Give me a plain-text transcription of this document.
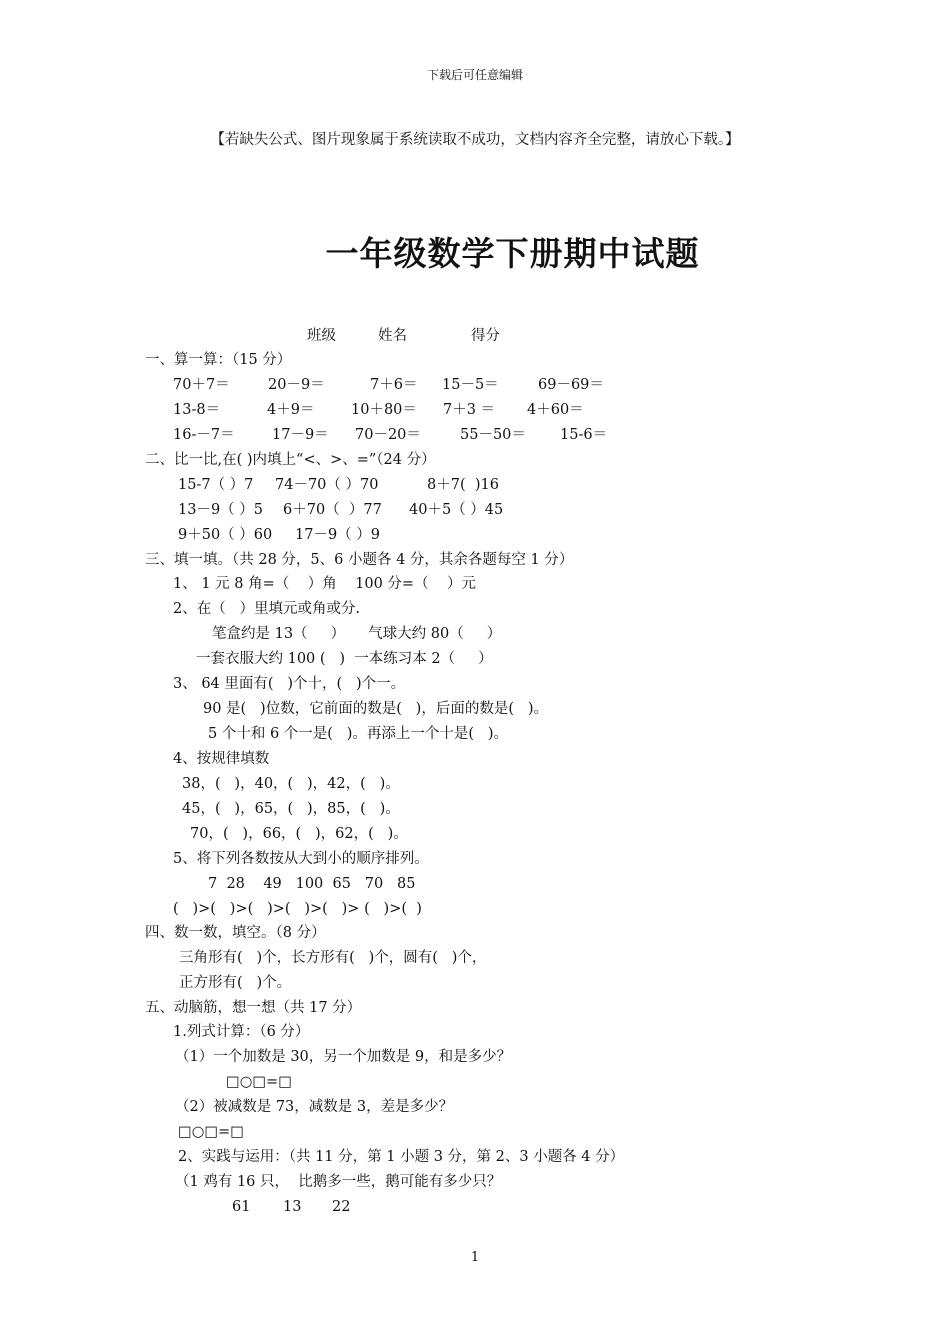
下载后可任意编辑
【若缺失公式、图片现象属于系统读取不成功，文档内容齐全完整，请放心下载。】
一年级数学下册期中试题
班级	姓名	得分
一、算一算：（15 分）
70＋7＝	20－9＝	7＋6＝ 15－5＝	69－69＝
13-8＝	4＋9＝	10＋80＝ 7＋3 ＝ 4＋60＝
16-－7＝	17－9＝ 70－20＝	55－50＝ 15-6＝
二、比一比,在( )内填上“<、>、=”（24 分）
15-7（ ）7 74－70（ ）70	8＋7(  )16
13－9（ ）5 6＋70（  ）77 40＋5（ ）45
9＋50（ ）60 17－9（ ）9
三、填一填。（共 28 分，5、6 小题各 4 分，其余各题每空 1 分）
1、 1 元 8 角=（    ）角    100 分=（    ）元
2、在（   ）里填元或角或分.
笔盒约是 13（     ）     气球大约 80（     ）
一套衣服大约 100 (   )  一本练习本 2（     ）
3、 64 里面有(   )个十，(   )个一。
90 是(   )位数，它前面的数是(   )，后面的数是(   )。
5 个十和 6 个一是(   )。再添上一个十是(   )。
4、按规律填数
38，(   )，40，(   )，42，(   )。
45，(   )，65，(   )，85，(   )。
70，(   )，66，(   )，62，(   )。
5、将下列各数按从大到小的顺序排列。
7  28    49   100  65   70   85
(   )>(   )>(   )>(   )>(   )> (   )>(  )
四、数一数，填空。（8 分）
三角形有(   )个，长方形有(   )个，圆有(   )个，
正方形有(   )个。
五、动脑筋，想一想（共 17 分）
1.列式计算：（6 分）
（1）一个加数是 30，另一个加数是 9，和是多少？
□○□=□
（2）被减数是 73，减数是 3，差是多少？
□○□=□
2、实践与运用：（共 11 分，第 1 小题 3 分，第 2、3 小题各 4 分）
（1 鸡有 16 只，  比鹅多一些，鹅可能有多少只？
61 13 22
1
